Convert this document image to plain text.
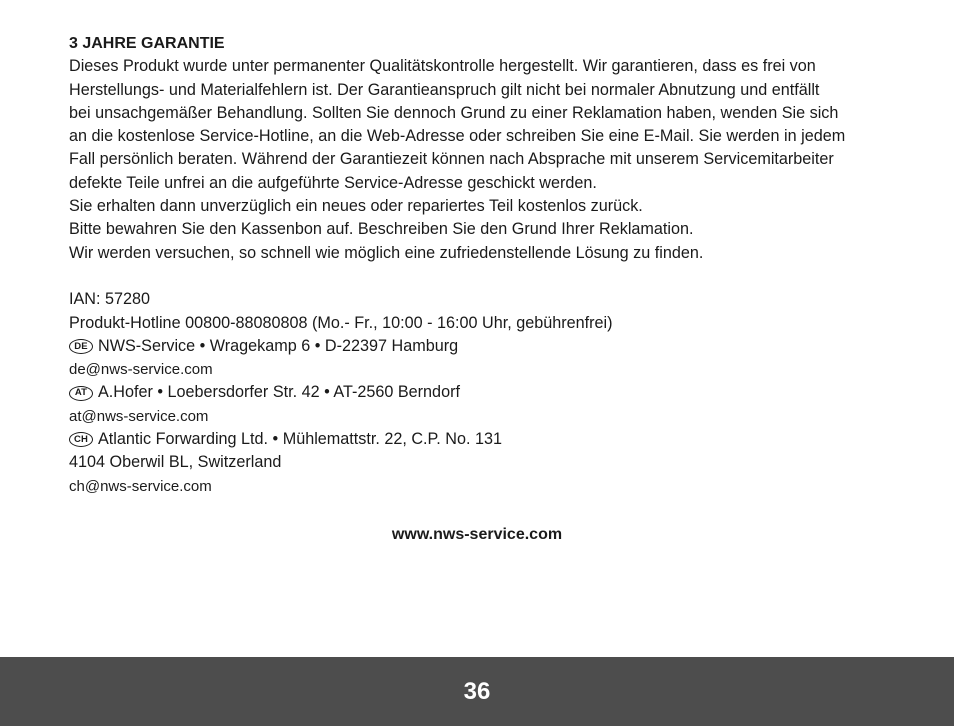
3 JAHRE GARANTIE

Dieses Produkt wurde unter permanenter Qualitätskontrolle hergestellt. Wir garantieren, dass es frei von

Herstellungs- und Materialfehlern ist. Der Garantieanspruch gilt nicht bei normaler Abnutzung und entfällt

bei unsachgemäßer Behandlung. Sollten Sie dennoch Grund zu einer Reklamation haben, wenden Sie sich

an die kostenlose Service-Hotline, an die Web-Adresse oder schreiben Sie eine E-Mail. Sie werden in jedem

Fall persönlich beraten. Während der Garantiezeit können nach Absprache mit unserem Servicemitarbeiter

defekte Teile unfrei an die aufgeführte Service-Adresse geschickt werden.

Sie erhalten dann unverzüglich ein neues oder repariertes Teil kostenlos zurück.

Bitte bewahren Sie den Kassenbon auf. Beschreiben Sie den Grund Ihrer Reklamation.

Wir werden versuchen, so schnell wie möglich eine zufriedenstellende Lösung zu finden.

IAN: 57280

Produkt-Hotline 00800-88080808 (Mo.- Fr., 10:00 - 16:00 Uhr, gebührenfrei)

DE NWS-Service • Wragekamp 6 • D-22397 Hamburg

de@nws-service.com

AT A.Hofer • Loebersdorfer Str. 42 • AT-2560 Berndorf

at@nws-service.com

CH Atlantic Forwarding Ltd. • Mühlemattstr. 22, C.P. No. 131

4104 Oberwil BL, Switzerland

ch@nws-service.com

www.nws-service.com
36
